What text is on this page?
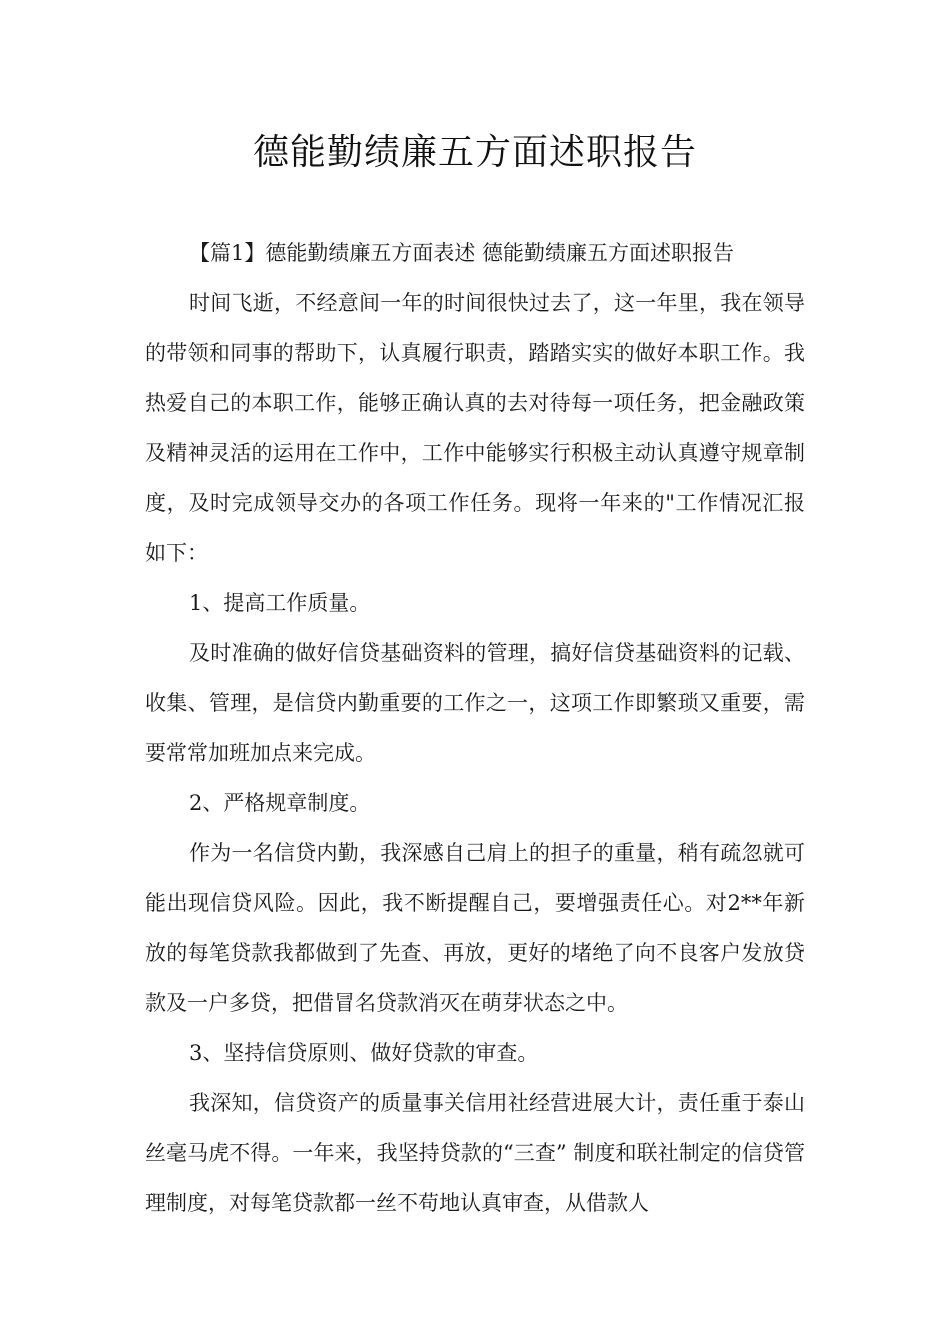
德能勤绩廉五方面述职报告

【篇1】德能勤绩廉五方面表述 德能勤绩廉五方面述职报告

时间飞逝，不经意间一年的时间很快过去了，这一年里，我在领导的带领和同事的帮助下，认真履行职责，踏踏实实的做好本职工作。我热爱自己的本职工作，能够正确认真的去对待每一项任务，把金融政策及精神灵活的运用在工作中，工作中能够实行积极主动认真遵守规章制度，及时完成领导交办的各项工作任务。现将一年来的"工作情况汇报如下：

1、提高工作质量。

及时准确的做好信贷基础资料的管理，搞好信贷基础资料的记载、收集、管理，是信贷内勤重要的工作之一，这项工作即繁琐又重要，需要常常加班加点来完成。

2、严格规章制度。

作为一名信贷内勤，我深感自己肩上的担子的重量，稍有疏忽就可能出现信贷风险。因此，我不断提醒自己，要增强责任心。对2**年新放的每笔贷款我都做到了先查、再放，更好的堵绝了向不良客户发放贷款及一户多贷，把借冒名贷款消灭在萌芽状态之中。

3、坚持信贷原则、做好贷款的审查。

我深知，信贷资产的质量事关信用社经营进展大计，责任重于泰山丝毫马虎不得。一年来，我坚持贷款的“三查” 制度和联社制定的信贷管理制度，对每笔贷款都一丝不苟地认真审查，从借款人
